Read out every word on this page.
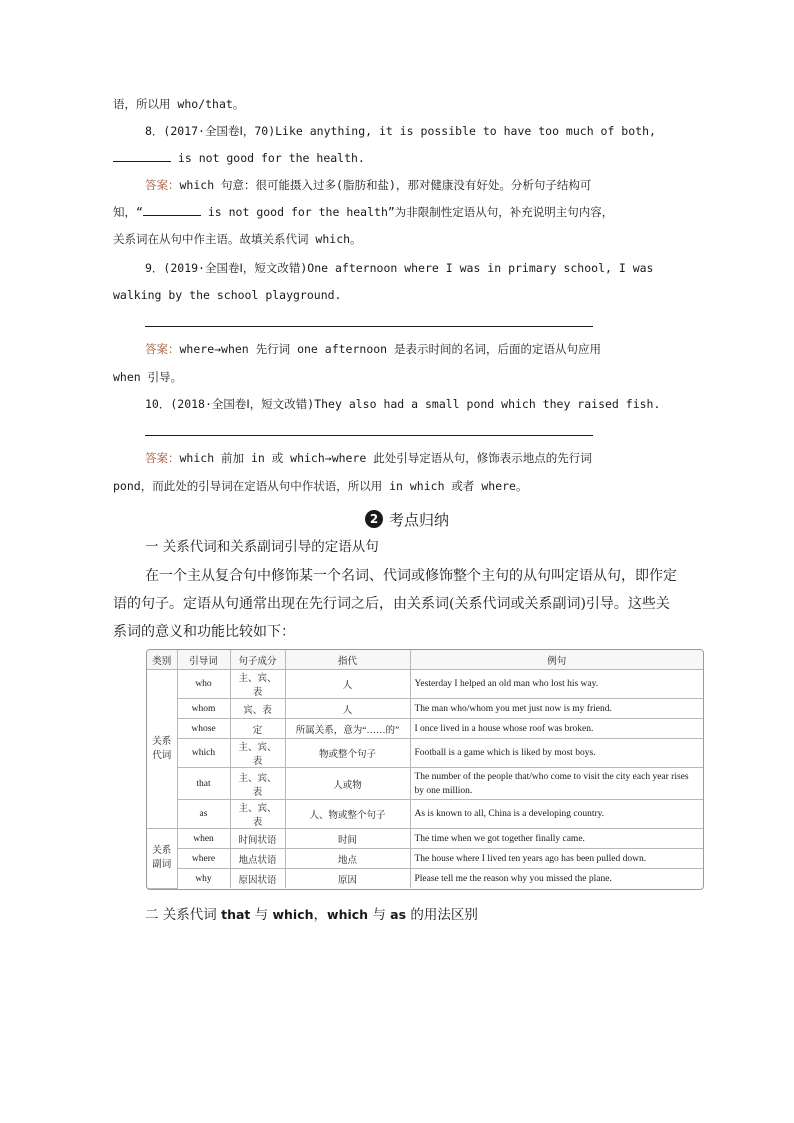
语，所以用 who/that。
8．(2017·全国卷Ⅰ，70)Like anything, it is possible to have too much of both,
is not good for the health.
答案：which 句意：很可能摄入过多(脂肪和盐)，那对健康没有好处。分析句子结构可
知，“	is not good for the health”为非限制性定语从句，补充说明主句内容，
关系词在从句中作主语。故填关系代词 which。
9．(2019·全国卷Ⅰ，短文改错)One afternoon where I was in primary school, I was
walking by the school playground.
答案：where→when 先行词 one afternoon 是表示时间的名词，后面的定语从句应用
when 引导。
10．(2018·全国卷Ⅰ，短文改错)They also had a small pond which they raised fish.
答案：which 前加 in 或 which→where 此处引导定语从句，修饰表示地点的先行词
pond，而此处的引导词在定语从句中作状语，所以用 in which 或者 where。
2 考点归纳
一 关系代词和关系副词引导的定语从句
在一个主从复合句中修饰某一个名词、代词或修饰整个主句的从句叫定语从句，即作定
语的句子。定语从句通常出现在先行词之后，由关系词(关系代词或关系副词)引导。这些关
系词的意义和功能比较如下：
类别	引导词	句子成分	指代	例句
关系代词	who	主、宾、表	人	Yesterday I helped an old man who lost his way.
	whom	宾、表	人	The man who/whom you met just now is my friend.
	whose	定	所属关系，意为“……的”	I once lived in a house whose roof was broken.
	which	主、宾、表	物或整个句子	Football is a game which is liked by most boys.
	that	主、宾、表	人或物	The number of the people that/who come to visit the city each year rises by one million.
	as	主、宾、表	人、物或整个句子	As is known to all, China is a developing country.
关系副词	when	时间状语	时间	The time when we got together finally came.
	where	地点状语	地点	The house where I lived ten years ago has been pulled down.
	why	原因状语	原因	Please tell me the reason why you missed the plane.
二 关系代词 that 与 which，which 与 as 的用法区别
